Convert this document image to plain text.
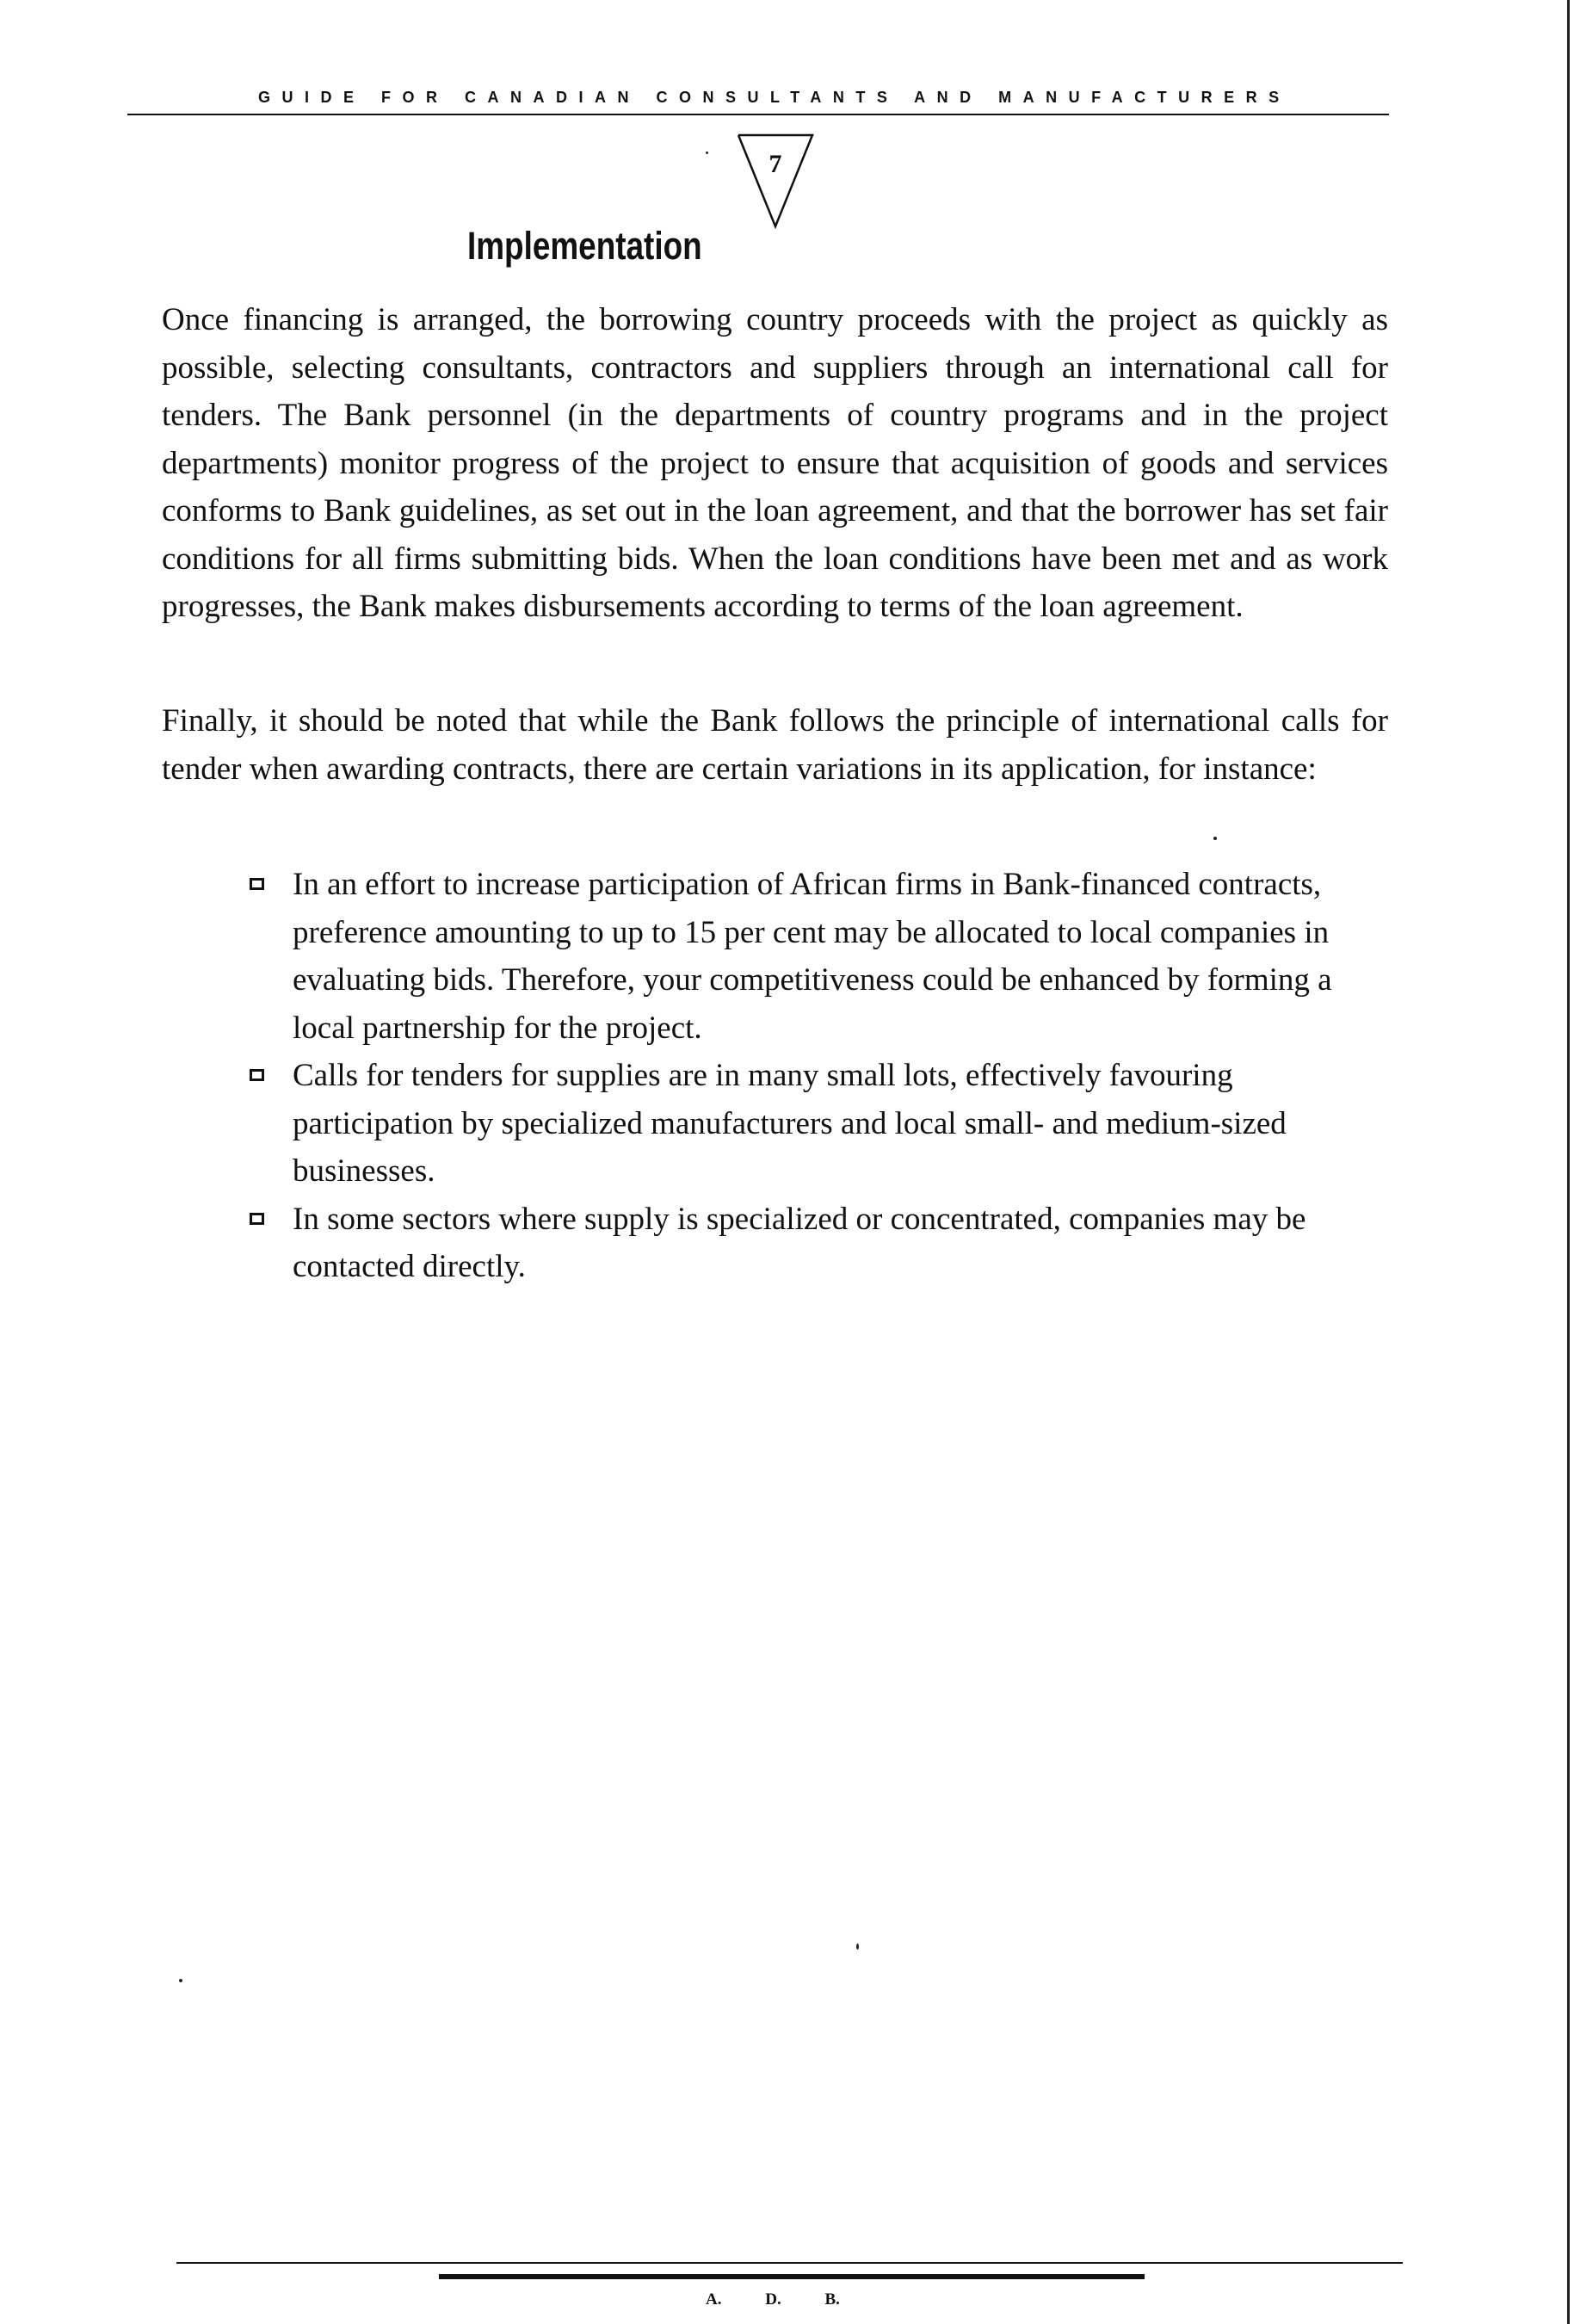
GUIDE FOR CANADIAN CONSULTANTS AND MANUFACTURERS
7
Implementation

Once financing is arranged, the borrowing country proceeds with the project as quickly as possible, selecting consultants, contractors and suppliers through an international call for tenders. The Bank personnel (in the departments of country programs and in the project departments) monitor progress of the project to ensure that acquisition of goods and services conforms to Bank guidelines, as set out in the loan agreement, and that the borrower has set fair conditions for all firms submitting bids. When the loan conditions have been met and as work progresses, the Bank makes disbursements according to terms of the loan agreement.

Finally, it should be noted that while the Bank follows the principle of international calls for tender when awarding contracts, there are certain variations in its application, for instance:

In an effort to increase participation of African firms in Bank-financed contracts, preference amounting to up to 15 per cent may be allocated to local companies in evaluating bids. Therefore, your competitiveness could be enhanced by forming a local partnership for the project.
Calls for tenders for supplies are in many small lots, effectively favouring participation by specialized manufacturers and local small- and medium-sized businesses.
In some sectors where supply is specialized or concentrated, companies may be contacted directly.
A. D. B.
